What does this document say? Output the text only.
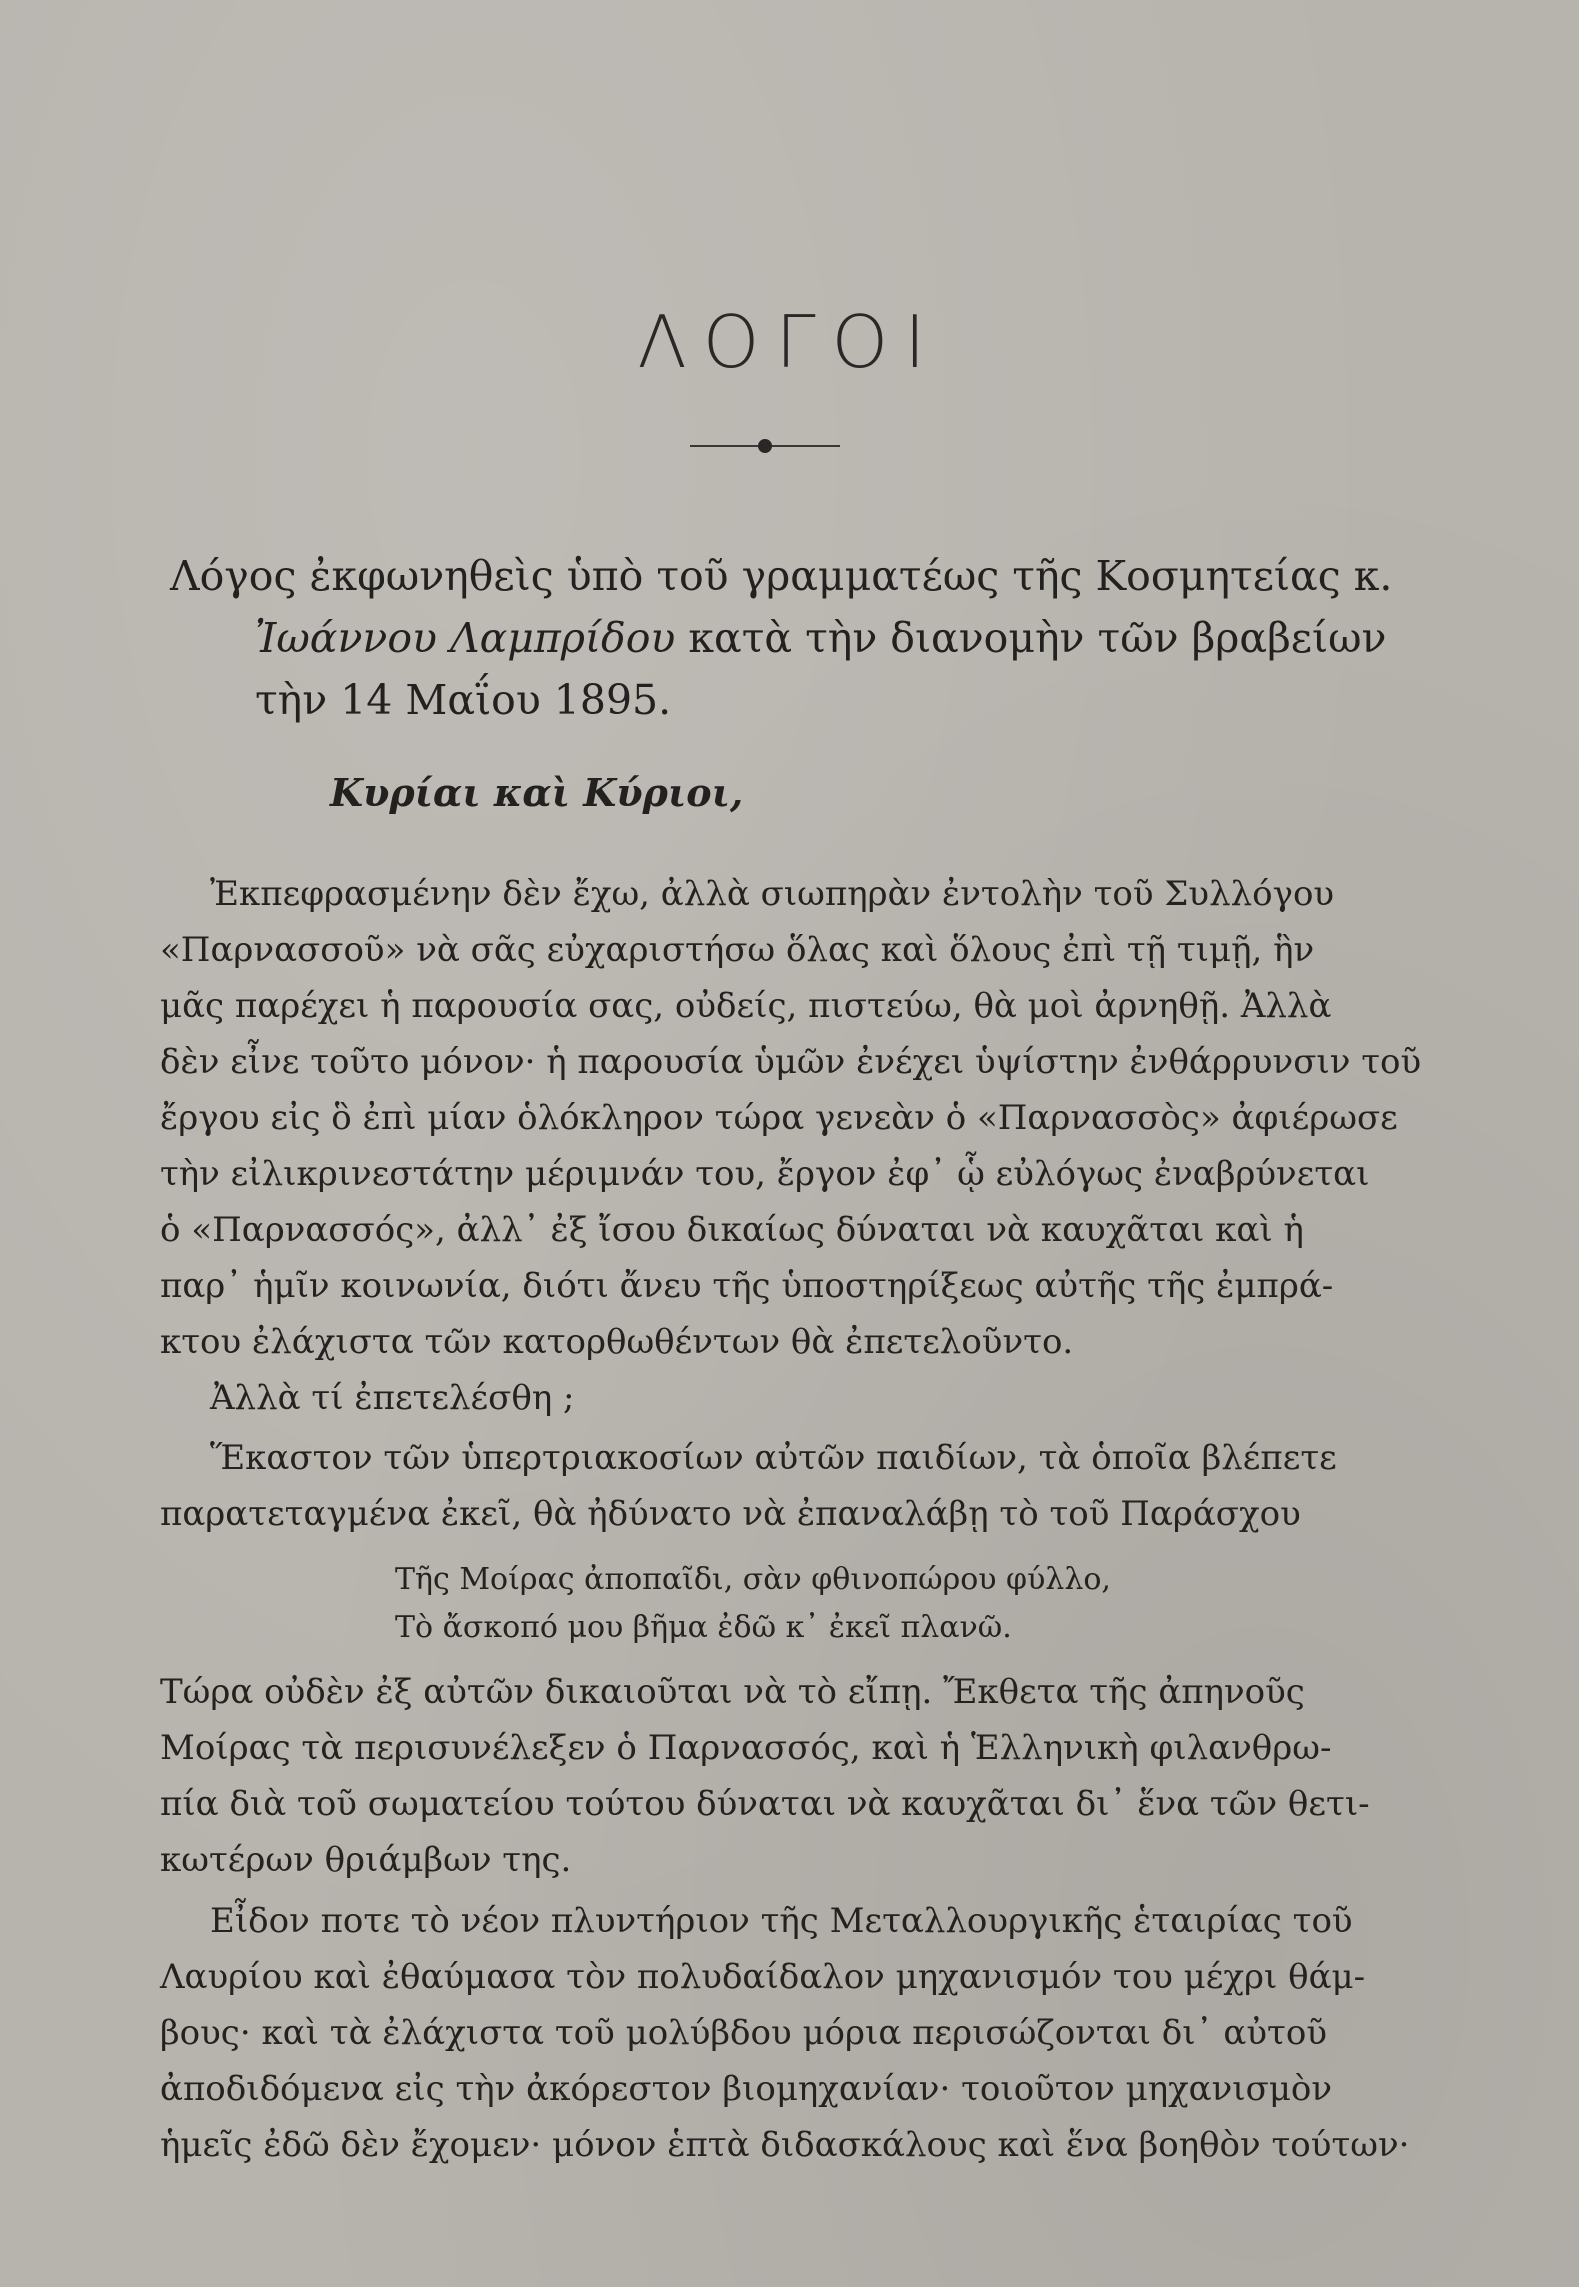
ΛΟΓΟΙ
Λόγος ἐκφωνηθεὶς ὑπὸ τοῦ γραμματέως τῆς Κοσμητείας κ.
Ἰωάννου Λαμπρίδου κατὰ τὴν διανομὴν τῶν βραβείων
τὴν 14 Μαΐου 1895.
Κυρίαι καὶ Κύριοι,
Ἐκπεφρασμένην δὲν ἔχω, ἀλλὰ σιωπηρὰν ἐντολὴν τοῦ Συλλόγου
«Παρνασσοῦ» νὰ σᾶς εὐχαριστήσω ὅλας καὶ ὅλους ἐπὶ τῇ τιμῇ, ἣν
μᾶς παρέχει ἡ παρουσία σας, οὐδείς, πιστεύω, θὰ μοὶ ἀρνηθῇ. Ἀλλὰ
δὲν εἶνε τοῦτο μόνον· ἡ παρουσία ὑμῶν ἐνέχει ὑψίστην ἐνθάρρυνσιν τοῦ
ἔργου εἰς ὃ ἐπὶ μίαν ὁλόκληρον τώρα γενεὰν ὁ «Παρνασσὸς» ἀφιέρωσε
τὴν εἰλικρινεστάτην μέριμνάν του, ἔργον ἐφ᾽ ᾧ εὐλόγως ἐναβρύνεται
ὁ «Παρνασσός», ἀλλ᾽ ἐξ ἴσου δικαίως δύναται νὰ καυχᾶται καὶ ἡ
παρ᾽ ἡμῖν κοινωνία, διότι ἄνευ τῆς ὑποστηρίξεως αὐτῆς τῆς ἐμπρά-
κτου ἐλάχιστα τῶν κατορθωθέντων θὰ ἐπετελοῦντο.
Ἀλλὰ τί ἐπετελέσθη ;
Ἕκαστον τῶν ὑπερτριακοσίων αὐτῶν παιδίων, τὰ ὁποῖα βλέπετε
παρατεταγμένα ἐκεῖ, θὰ ἠδύνατο νὰ ἐπαναλάβῃ τὸ τοῦ Παράσχου
Τῆς Μοίρας ἀποπαῖδι, σὰν φθινοπώρου φύλλο,
Τὸ ἄσκοπό μου βῆμα ἐδῶ κ᾽ ἐκεῖ πλανῶ.
Τώρα οὐδὲν ἐξ αὐτῶν δικαιοῦται νὰ τὸ εἴπῃ. Ἔκθετα τῆς ἀπηνοῦς
Μοίρας τὰ περισυνέλεξεν ὁ Παρνασσός, καὶ ἡ Ἑλληνικὴ φιλανθρω-
πία διὰ τοῦ σωματείου τούτου δύναται νὰ καυχᾶται δι᾽ ἕνα τῶν θετι-
κωτέρων θριάμβων της.
Εἶδον ποτε τὸ νέον πλυντήριον τῆς Μεταλλουργικῆς ἑταιρίας τοῦ
Λαυρίου καὶ ἐθαύμασα τὸν πολυδαίδαλον μηχανισμόν του μέχρι θάμ-
βους· καὶ τὰ ἐλάχιστα τοῦ μολύβδου μόρια περισώζονται δι᾽ αὐτοῦ
ἀποδιδόμενα εἰς τὴν ἀκόρεστον βιομηχανίαν· τοιοῦτον μηχανισμὸν
ἡμεῖς ἐδῶ δὲν ἔχομεν· μόνον ἑπτὰ διδασκάλους καὶ ἕνα βοηθὸν τούτων·
